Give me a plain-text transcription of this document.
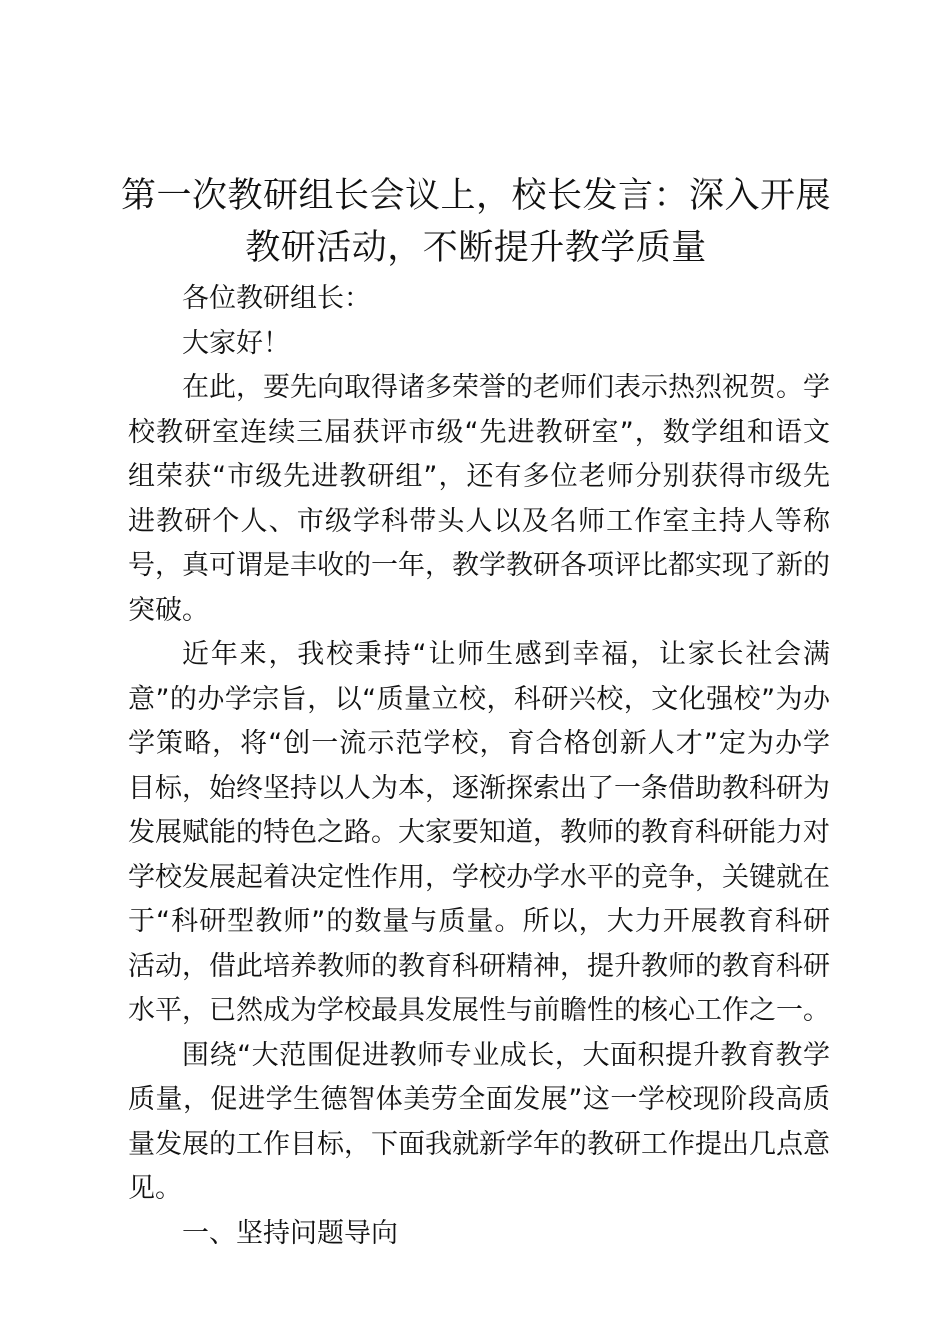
第一次教研组长会议上，校长发言：深入开展教研活动，不断提升教学质量

各位教研组长：

大家好！

在此，要先向取得诸多荣誉的老师们表示热烈祝贺。学校教研室连续三届获评市级“先进教研室”，数学组和语文组荣获“市级先进教研组”，还有多位老师分别获得市级先进教研个人、市级学科带头人以及名师工作室主持人等称号，真可谓是丰收的一年，教学教研各项评比都实现了新的突破。

近年来，我校秉持“让师生感到幸福，让家长社会满意”的办学宗旨，以“质量立校，科研兴校，文化强校”为办学策略，将“创一流示范学校，育合格创新人才”定为办学目标，始终坚持以人为本，逐渐探索出了一条借助教科研为发展赋能的特色之路。大家要知道，教师的教育科研能力对学校发展起着决定性作用，学校办学水平的竞争，关键就在于“科研型教师”的数量与质量。所以，大力开展教育科研活动，借此培养教师的教育科研精神，提升教师的教育科研水平，已然成为学校最具发展性与前瞻性的核心工作之一。

围绕“大范围促进教师专业成长，大面积提升教育教学质量，促进学生德智体美劳全面发展”这一学校现阶段高质量发展的工作目标，下面我就新学年的教研工作提出几点意见。

一、坚持问题导向
